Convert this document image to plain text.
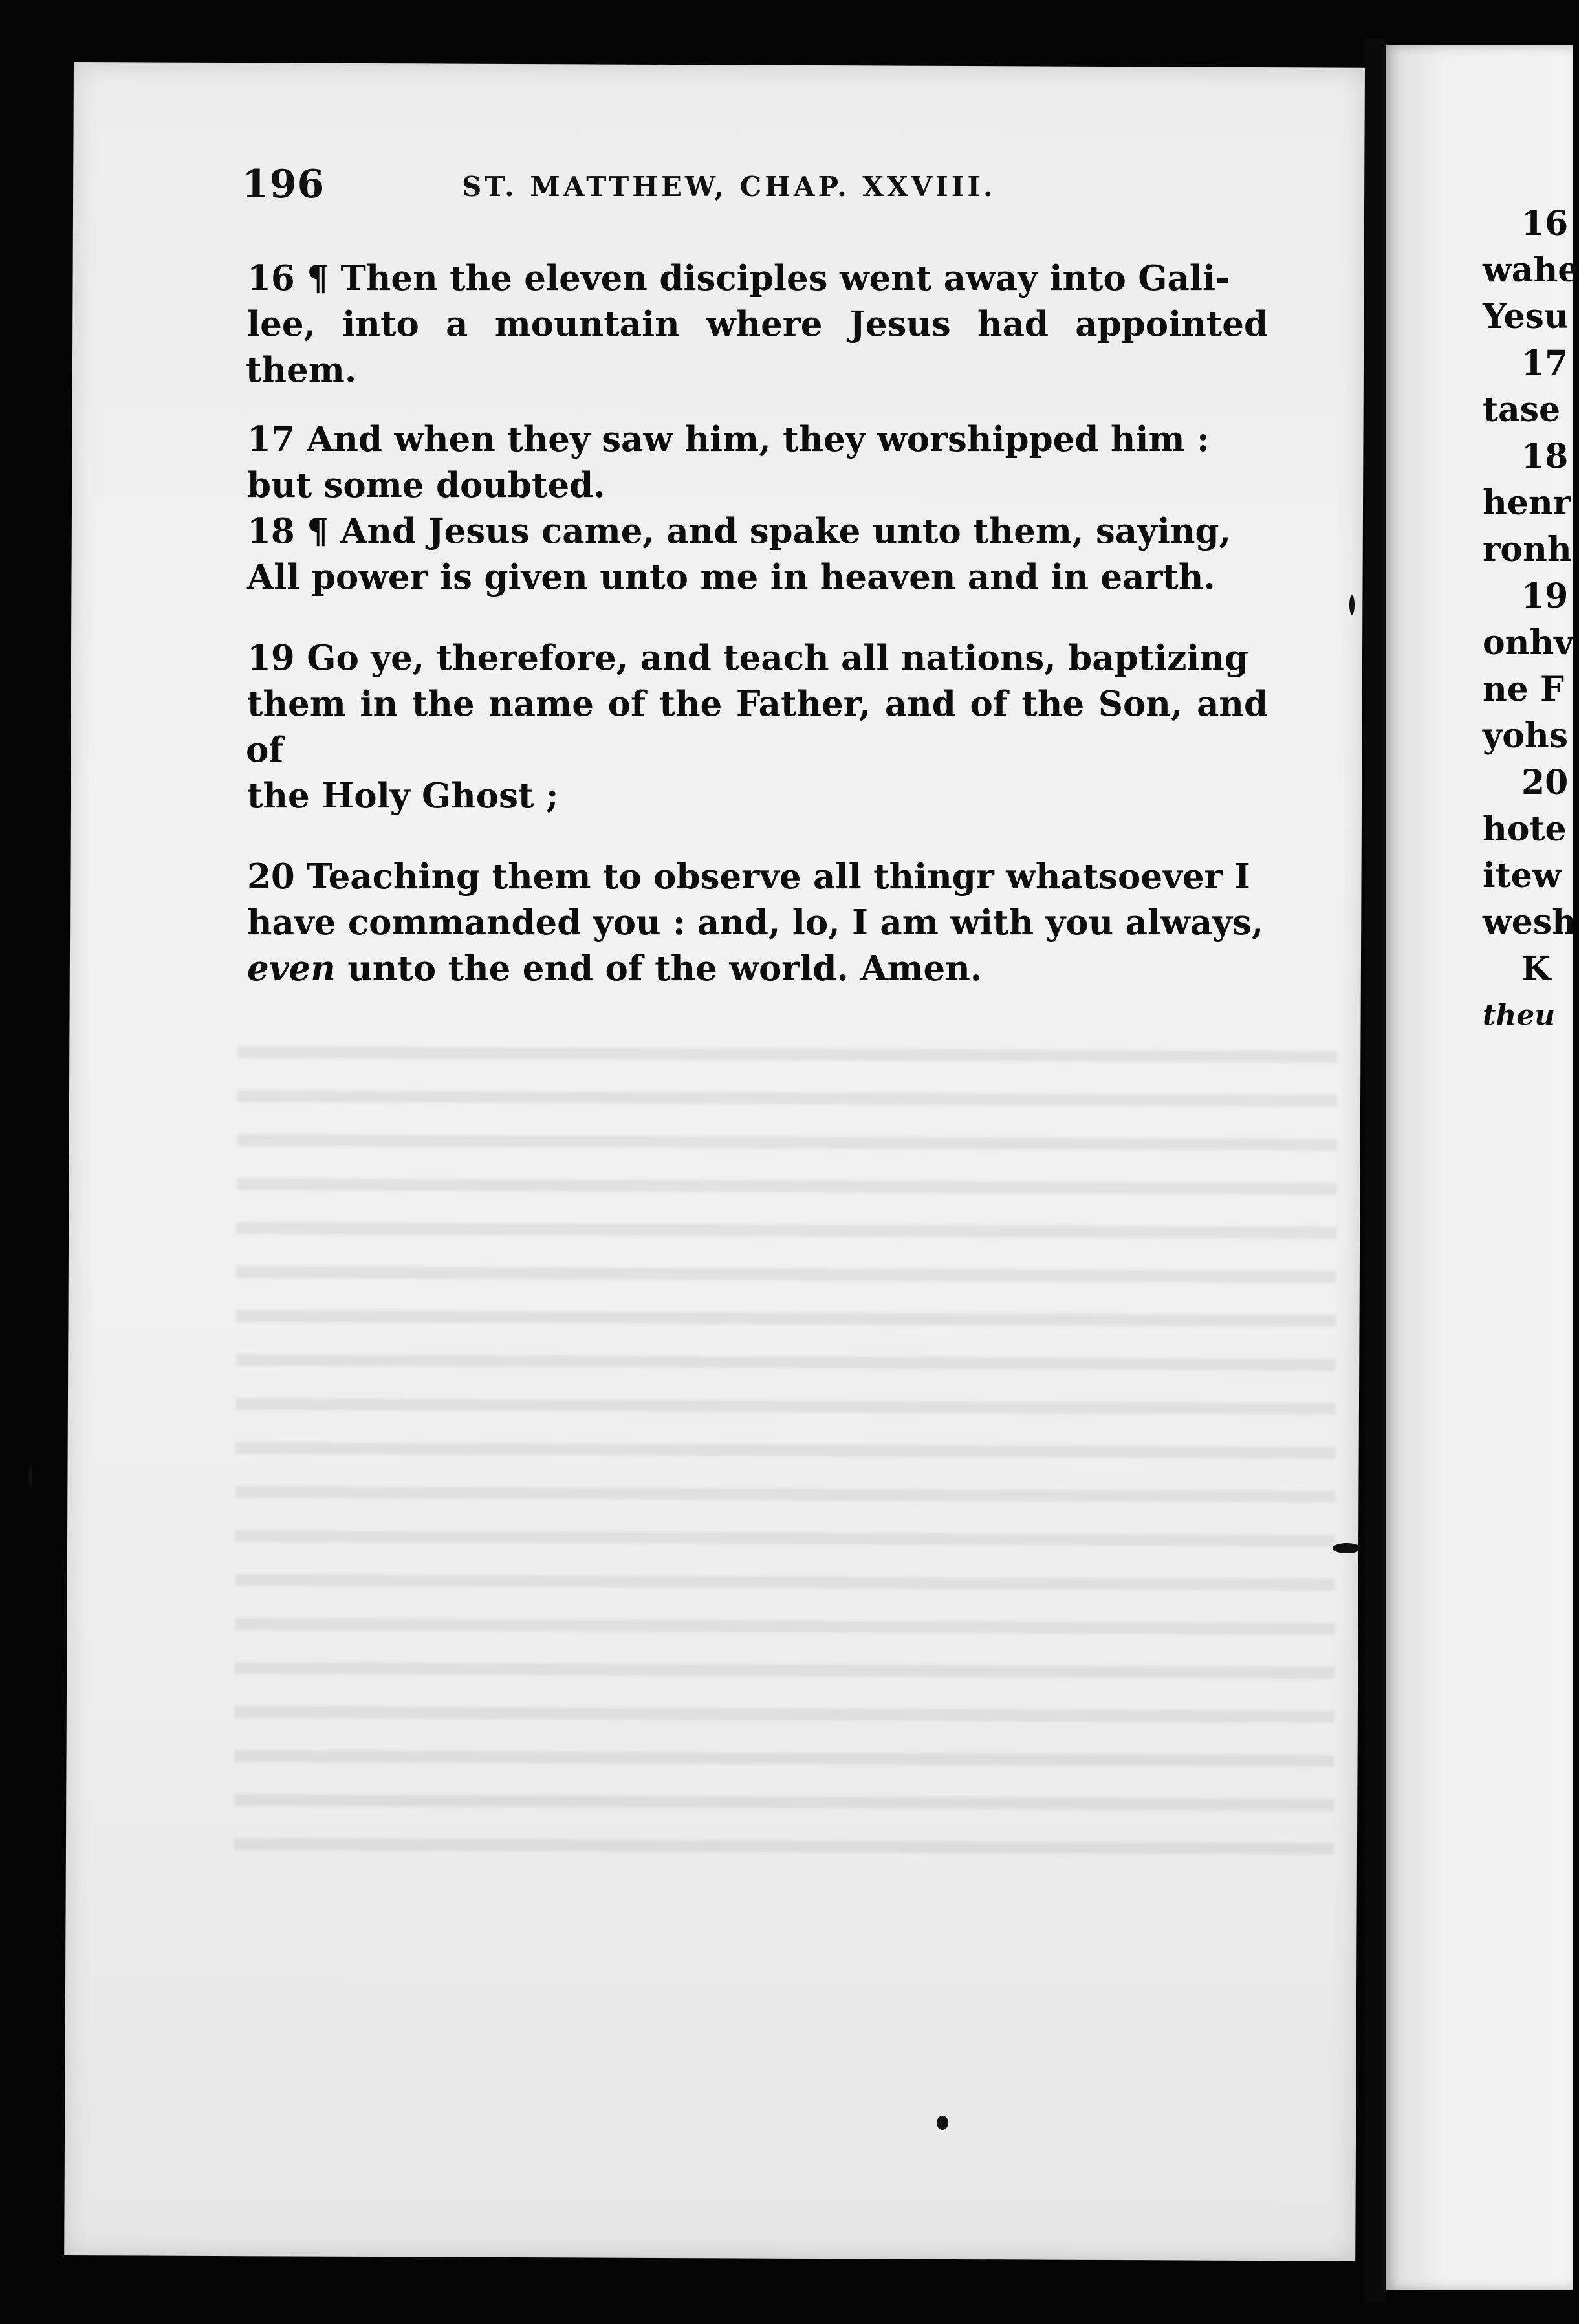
196	ST. MATTHEW, CHAP. XXVIII.
16 ¶ Then the eleven disciples went away into Gali-
lee, into a mountain where Jesus had appointed them.
17 And when they saw him, they worshipped him :
but some doubted.
18 ¶ And Jesus came, and spake unto them, saying,
All power is given unto me in heaven and in earth.
19 Go ye, therefore, and teach all nations, baptizing
them in the name of the Father, and of the Son, and of
the Holy Ghost ;
20 Teaching them to observe all thingr whatsoever I
have commanded you : and, lo, I am with you always,
even unto the end of the world. Amen.
16
wahe
Yesu
17
tase
18
henr
ronh
19
onhv
ne F
yohs
20
hote
itew
wesh
K
theu
